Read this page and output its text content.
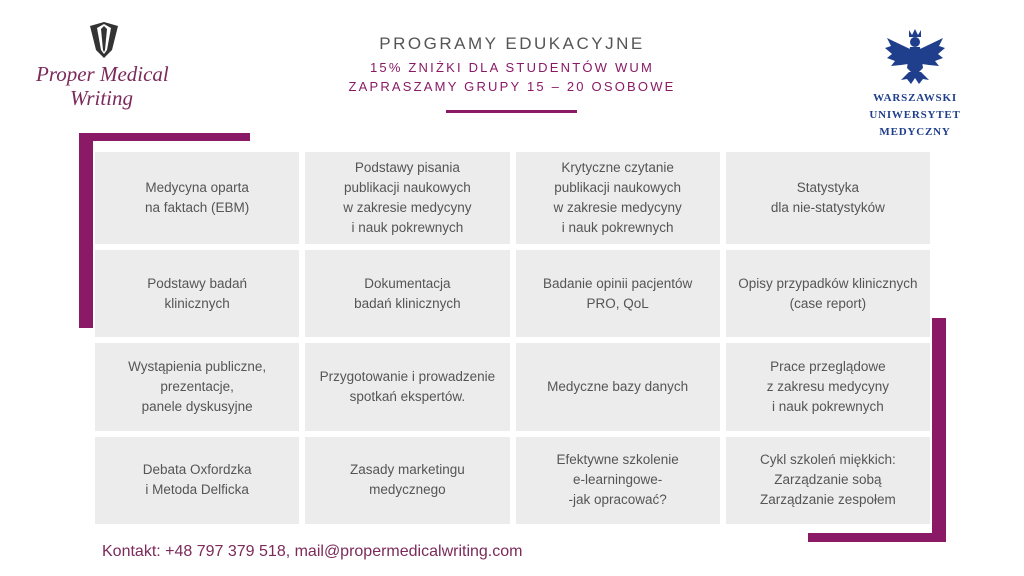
Proper Medical
Writing
PROGRAMY EDUKACYJNE
15% ZNIŻKI DLA STUDENTÓW WUM
ZAPRASZAMY GRUPY 15 – 20 OSOBOWE
WARSZAWSKI
UNIWERSYTET
MEDYCZNY
Medycyna oparta
na faktach (EBM)
Podstawy pisania
publikacji naukowych
w zakresie medycyny
i nauk pokrewnych
Krytyczne czytanie
publikacji naukowych
w zakresie medycyny
i nauk pokrewnych
Statystyka
dla nie-statystyków
Podstawy badań
klinicznych
Dokumentacja
badań klinicznych
Badanie opinii pacjentów
PRO, QoL
Opisy przypadków klinicznych
(case report)
Wystąpienia publiczne,
prezentacje,
panele dyskusyjne
Przygotowanie i prowadzenie
spotkań ekspertów.
Medyczne bazy danych
Prace przeglądowe
z zakresu medycyny
i nauk pokrewnych
Debata Oxfordzka
i Metoda Delficka
Zasady marketingu
medycznego
Efektywne szkolenie
e-learningowe-
-jak opracować?
Cykl szkoleń miękkich:
Zarządzanie sobą
Zarządzanie zespołem
Kontakt: +48 797 379 518, mail@propermedicalwriting.com
